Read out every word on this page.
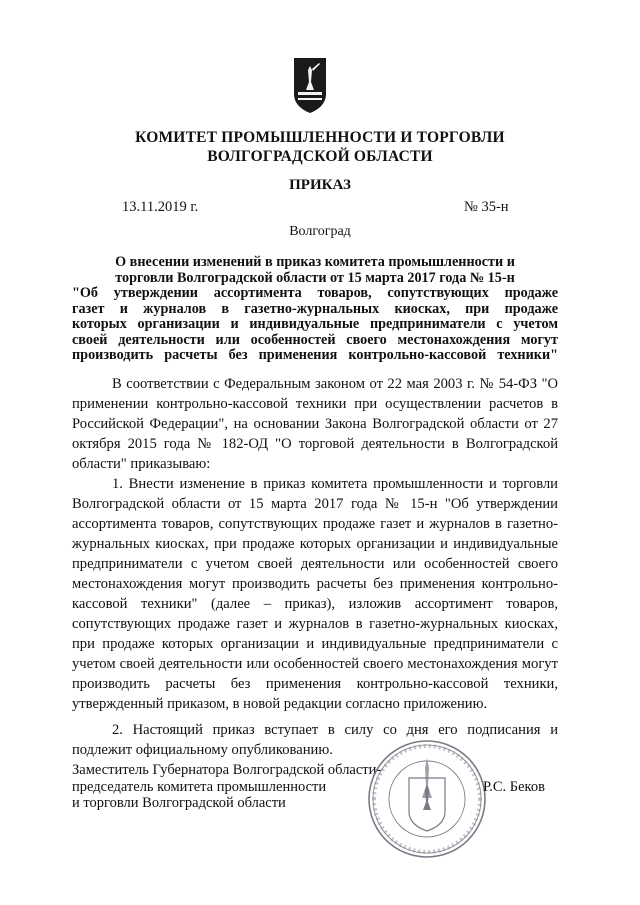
КОМИТЕТ ПРОМЫШЛЕННОСТИ И ТОРГОВЛИ
ВОЛГОГРАДСКОЙ ОБЛАСТИ
ПРИКАЗ
13.11.2019 г.	№ 35-н
Волгоград
О внесении изменений в приказ комитета промышленности и
торговли Волгоградской области от 15 марта 2017 года № 15-н
"Об утверждении ассортимента товаров, сопутствующих продаже
газет и журналов в газетно-журнальных киосках, при продаже
которых организации и индивидуальные предприниматели с учетом
своей деятельности или особенностей своего местонахождения могут
производить расчеты без применения контрольно-кассовой техники"

В соответствии с Федеральным законом от 22 мая 2003 г. № 54-ФЗ "О применении контрольно-кассовой техники при осуществлении расчетов в Российской Федерации", на основании Закона Волгоградской области от 27 октября 2015 года № 182-ОД "О торговой деятельности в Волгоградской области" приказываю:

1. Внести изменение в приказ комитета промышленности и торговли Волгоградской области от 15 марта 2017 года № 15-н "Об утверждении ассортимента товаров, сопутствующих продаже газет и журналов в газетно-журнальных киосках, при продаже которых организации и индивидуальные предприниматели с учетом своей деятельности или особенностей своего местонахождения могут производить расчеты без применения контрольно-кассовой техники" (далее – приказ), изложив ассортимент товаров, сопутствующих продаже газет и журналов в газетно-журнальных киосках, при продаже которых организации и индивидуальные предприниматели с учетом своей деятельности или особенностей своего местонахождения могут производить расчеты без применения контрольно-кассовой техники, утвержденный приказом, в новой редакции согласно приложению.

2. Настоящий приказ вступает в силу со дня его подписания и подлежит официальному опубликованию.

Заместитель Губернатора Волгоградской области-
председатель комитета промышленности
и торговли Волгоградской области
Р.С. Беков
